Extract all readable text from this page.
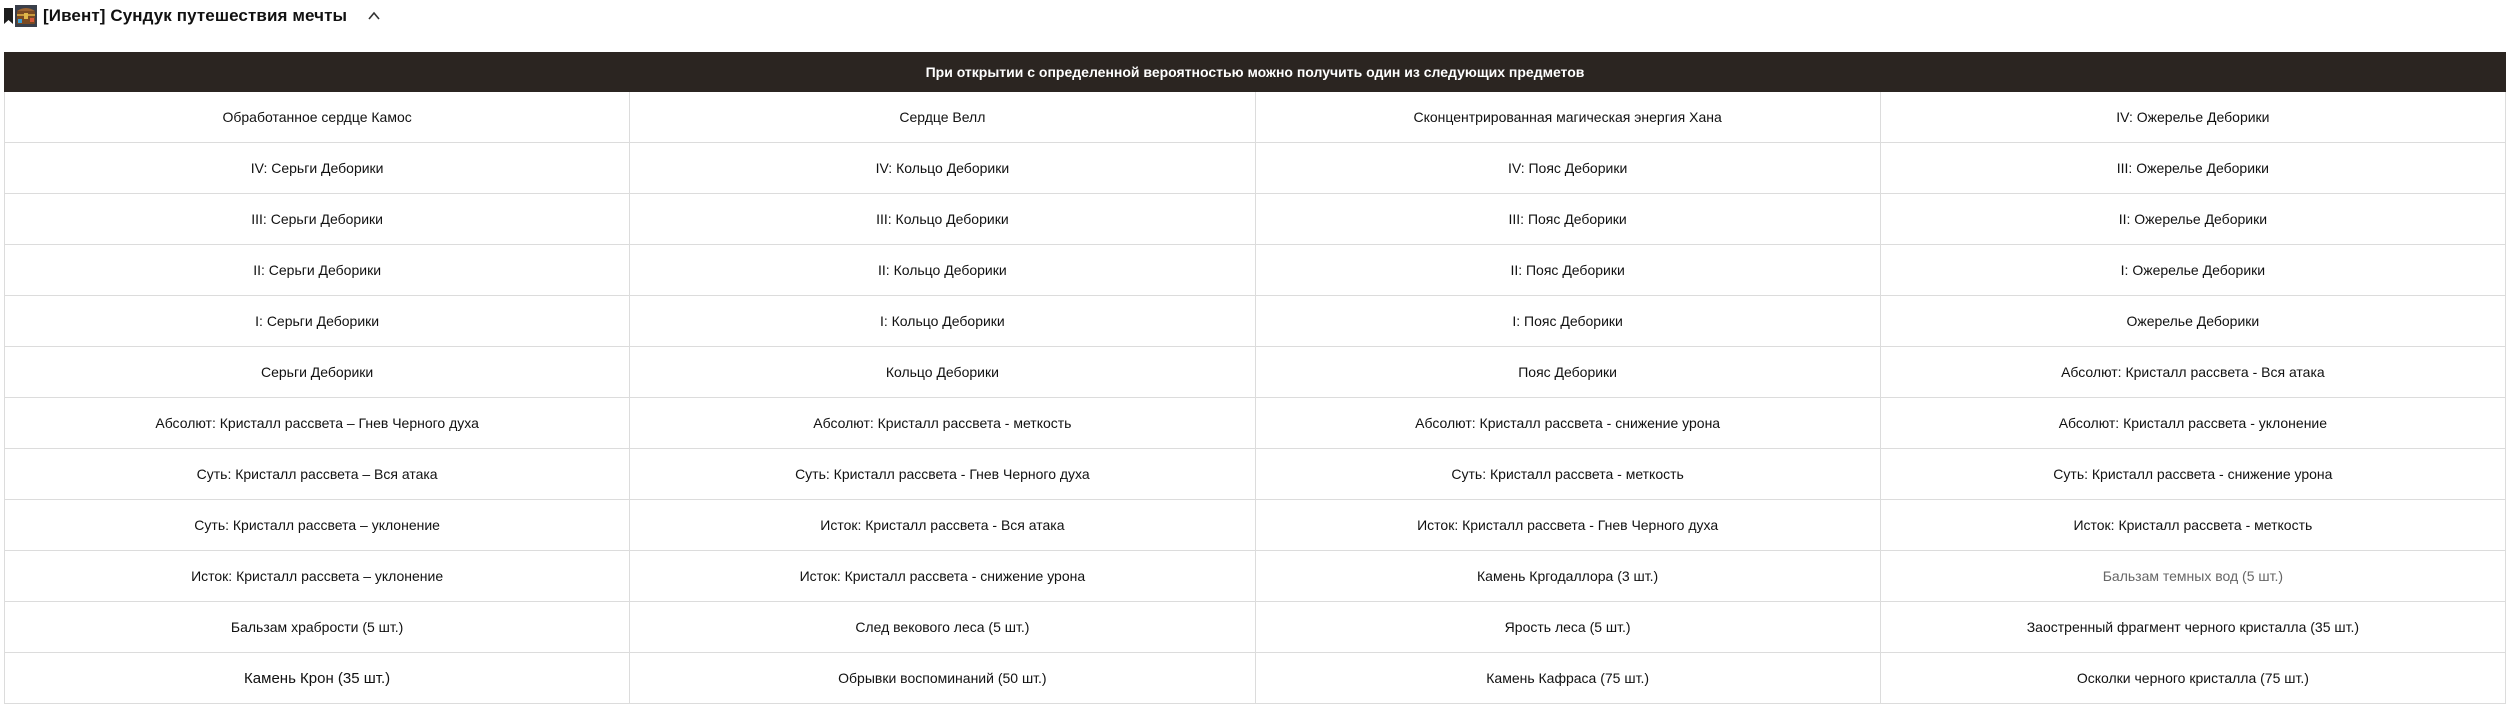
[Ивент] Сундук путешествия мечты
При открытии с определенной вероятностью можно получить один из следующих предметов			
Обработанное сердце Камос	Сердце Велл	Сконцентрированная магическая энергия Хана	IV: Ожерелье Деборики
IV: Серьги Деборики	IV: Кольцо Деборики	IV: Пояс Деборики	III: Ожерелье Деборики
III: Серьги Деборики	III: Кольцо Деборики	III: Пояс Деборики	II: Ожерелье Деборики
II: Серьги Деборики	II: Кольцо Деборики	II: Пояс Деборики	I: Ожерелье Деборики
I: Серьги Деборики	I: Кольцо Деборики	I: Пояс Деборики	Ожерелье Деборики
Серьги Деборики	Кольцо Деборики	Пояс Деборики	Абсолют: Кристалл рассвета - Вся атака
Абсолют: Кристалл рассвета – Гнев Черного духа	Абсолют: Кристалл рассвета - меткость	Абсолют: Кристалл рассвета - снижение урона	Абсолют: Кристалл рассвета - уклонение
Суть: Кристалл рассвета – Вся атака	Суть: Кристалл рассвета - Гнев Черного духа	Суть: Кристалл рассвета - меткость	Суть: Кристалл рассвета - снижение урона
Суть: Кристалл рассвета – уклонение	Исток: Кристалл рассвета - Вся атака	Исток: Кристалл рассвета - Гнев Черного духа	Исток: Кристалл рассвета - меткость
Исток: Кристалл рассвета – уклонение	Исток: Кристалл рассвета - снижение урона	Камень Кргодаллора (3 шт.)	Бальзам темных вод (5 шт.)
Бальзам храбрости (5 шт.)	След векового леса (5 шт.)	Ярость леса (5 шт.)	Заостренный фрагмент черного кристалла (35 шт.)
Камень Крон (35 шт.)	Обрывки воспоминаний (50 шт.)	Камень Кафраса (75 шт.)	Осколки черного кристалла (75 шт.)
